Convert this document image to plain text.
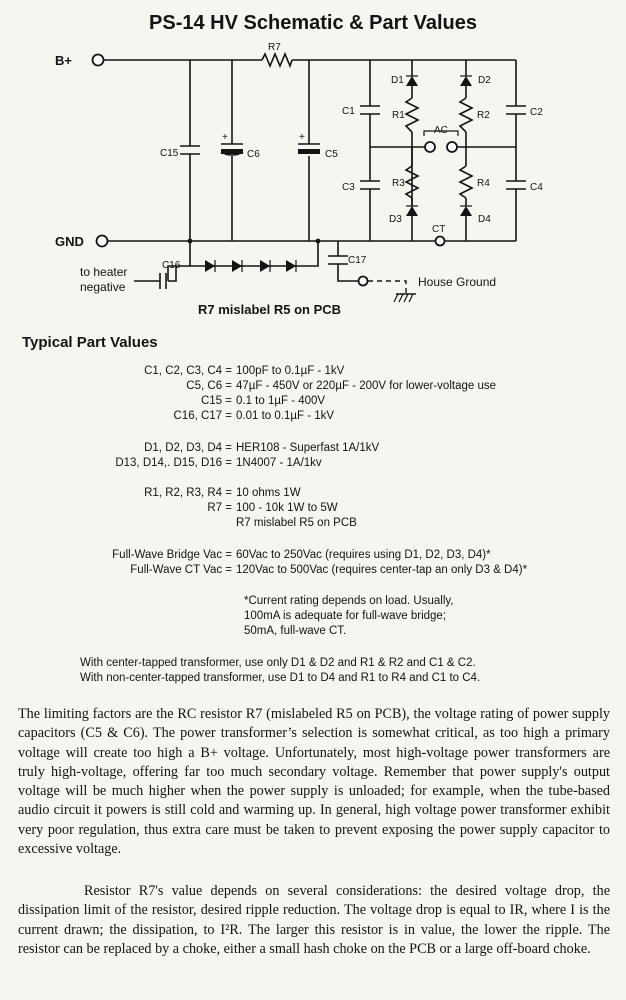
PS-14 HV Schematic & Part Values
B+
R7
GND
C15
+
C6
+
C5
C1
C3
D1
R1
R3
D3
AC
CT
D2
R2
R4
D4
C2
C4
C16
to heater
negative
C17
House Ground
R7 mislabel R5 on PCB
Typical Part Values
C1, C2, C3, C4 = 100pF to 0.1µF - 1kV
C5, C6 = 47µF - 450V or 220µF - 200V for lower-voltage use
C15 = 0.1 to 1µF - 400V
C16, C17 = 0.01 to 0.1µF - 1kV
D1, D2, D3, D4 = HER108 - Superfast 1A/1kV
D13, D14,. D15, D16 = 1N4007 - 1A/1kv
R1, R2, R3, R4 = 10 ohms 1W
R7 = 100 - 10k 1W to 5W
R7 mislabel R5 on PCB
Full-Wave Bridge Vac = 60Vac to 250Vac (requires using D1, D2, D3, D4)*
Full-Wave CT Vac = 120Vac to 500Vac (requires center-tap an only D3 & D4)*
*Current rating depends on load. Usually,
100mA is adequate for full-wave bridge;
50mA, full-wave CT.
With center-tapped transformer, use only D1 & D2 and R1 & R2 and C1 & C2.
With non-center-tapped transformer, use D1 to D4 and R1 to R4 and C1 to C4.

The limiting factors are the RC resistor R7 (mislabeled R5 on PCB), the voltage rating of power supply capacitors (C5 & C6). The power transformer’s selection is somewhat critical, as too high a primary voltage will create too high a B+ voltage. Unfortunately, most high-voltage power transformers are truly high-voltage, offering far too much secondary voltage. Remember that power supply's output voltage will be much higher when the power supply is unloaded; for example, when the tube-based audio circuit it powers is still cold and warming up. In general, high voltage power transformer exhibit very poor regulation, thus extra care must be taken to prevent exposing the power supply capacitor to excessive voltage.

Resistor R7's value depends on several considerations: the desired voltage drop, the dissipation limit of the resistor, desired ripple reduction. The voltage drop is equal to IR, where I is the current drawn; the dissipation, to I²R. The larger this resistor is in value, the lower the ripple. The resistor can be replaced by a choke, either a small hash choke on the PCB or a large off-board choke.
